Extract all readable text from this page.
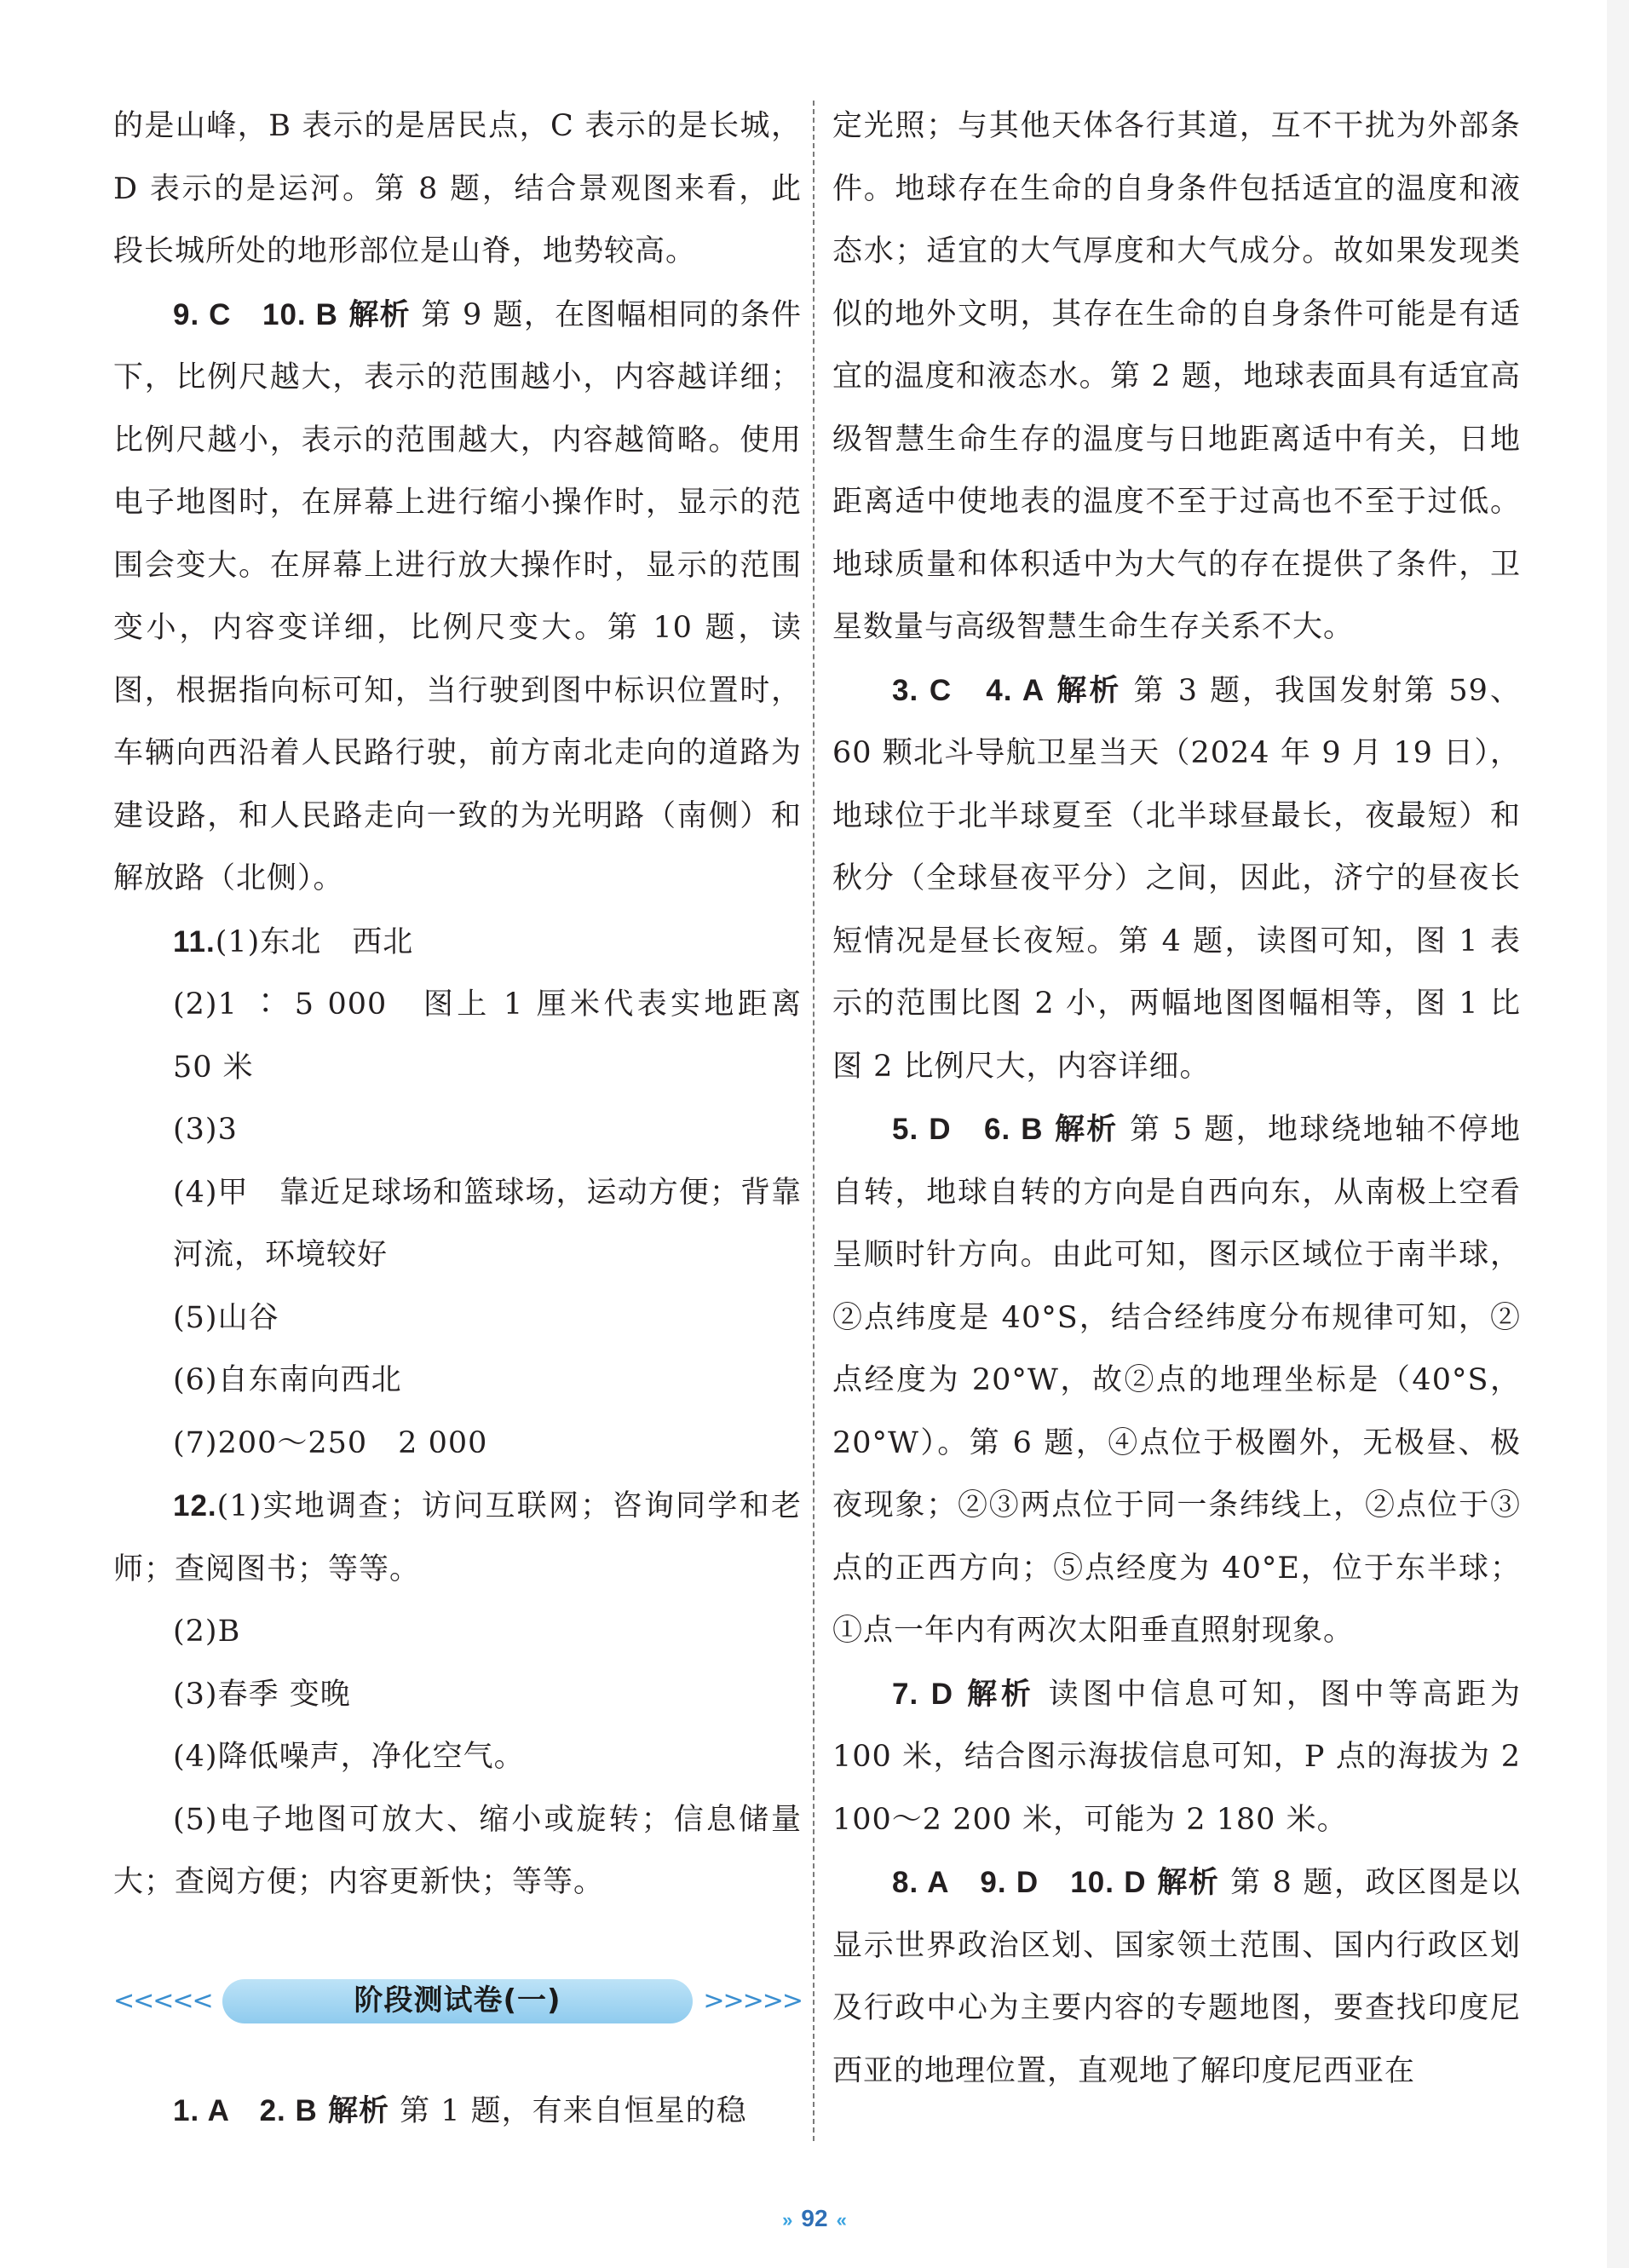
的是山峰，B 表示的是居民点，C 表示的是长城，D 表示的是运河。第 8 题，结合景观图来看，此段长城所处的地形部位是山脊，地势较高。

9. C　10. B 解析 第 9 题，在图幅相同的条件下，比例尺越大，表示的范围越小，内容越详细；比例尺越小，表示的范围越大，内容越简略。使用电子地图时，在屏幕上进行缩小操作时，显示的范围会变大。在屏幕上进行放大操作时，显示的范围变小，内容变详细，比例尺变大。第 10 题，读图，根据指向标可知，当行驶到图中标识位置时，车辆向西沿着人民路行驶，前方南北走向的道路为建设路，和人民路走向一致的为光明路（南侧）和解放路（北侧）。

11.(1)东北　西北

(2)1 ∶ 5 000　图上 1 厘米代表实地距离 50 米

(3)3

(4)甲　靠近足球场和篮球场，运动方便；背靠河流，环境较好

(5)山谷

(6)自东南向西北

(7)200～250　2 000

12.(1)实地调查；访问互联网；咨询同学和老师；查阅图书；等等。

(2)B

(3)春季 变晚

(4)降低噪声，净化空气。

(5)电子地图可放大、缩小或旋转；信息储量大；查阅方便；内容更新快；等等。

<<<<<	阶段测试卷(一)	>>>>>

1. A　2. B 解析 第 1 题，有来自恒星的稳

定光照；与其他天体各行其道，互不干扰为外部条件。地球存在生命的自身条件包括适宜的温度和液态水；适宜的大气厚度和大气成分。故如果发现类似的地外文明，其存在生命的自身条件可能是有适宜的温度和液态水。第 2 题，地球表面具有适宜高级智慧生命生存的温度与日地距离适中有关，日地距离适中使地表的温度不至于过高也不至于过低。地球质量和体积适中为大气的存在提供了条件，卫星数量与高级智慧生命生存关系不大。

3. C　4. A 解析 第 3 题，我国发射第 59、60 颗北斗导航卫星当天（2024 年 9 月 19 日），地球位于北半球夏至（北半球昼最长，夜最短）和秋分（全球昼夜平分）之间，因此，济宁的昼夜长短情况是昼长夜短。第 4 题，读图可知，图 1 表示的范围比图 2 小，两幅地图图幅相等，图 1 比图 2 比例尺大，内容详细。

5. D　6. B 解析 第 5 题，地球绕地轴不停地自转，地球自转的方向是自西向东，从南极上空看呈顺时针方向。由此可知，图示区域位于南半球，②点纬度是 40°S，结合经纬度分布规律可知，②点经度为 20°W，故②点的地理坐标是（40°S，20°W）。第 6 题，④点位于极圈外，无极昼、极夜现象；②③两点位于同一条纬线上，②点位于③点的正西方向；⑤点经度为 40°E，位于东半球；①点一年内有两次太阳垂直照射现象。

7. D 解析 读图中信息可知，图中等高距为 100 米，结合图示海拔信息可知，P 点的海拔为 2 100～2 200 米，可能为 2 180 米。

8. A　9. D　10. D 解析 第 8 题，政区图是以显示世界政治区划、国家领土范围、国内行政区划及行政中心为主要内容的专题地图，要查找印度尼西亚的地理位置，直观地了解印度尼西亚在

» 92 «
